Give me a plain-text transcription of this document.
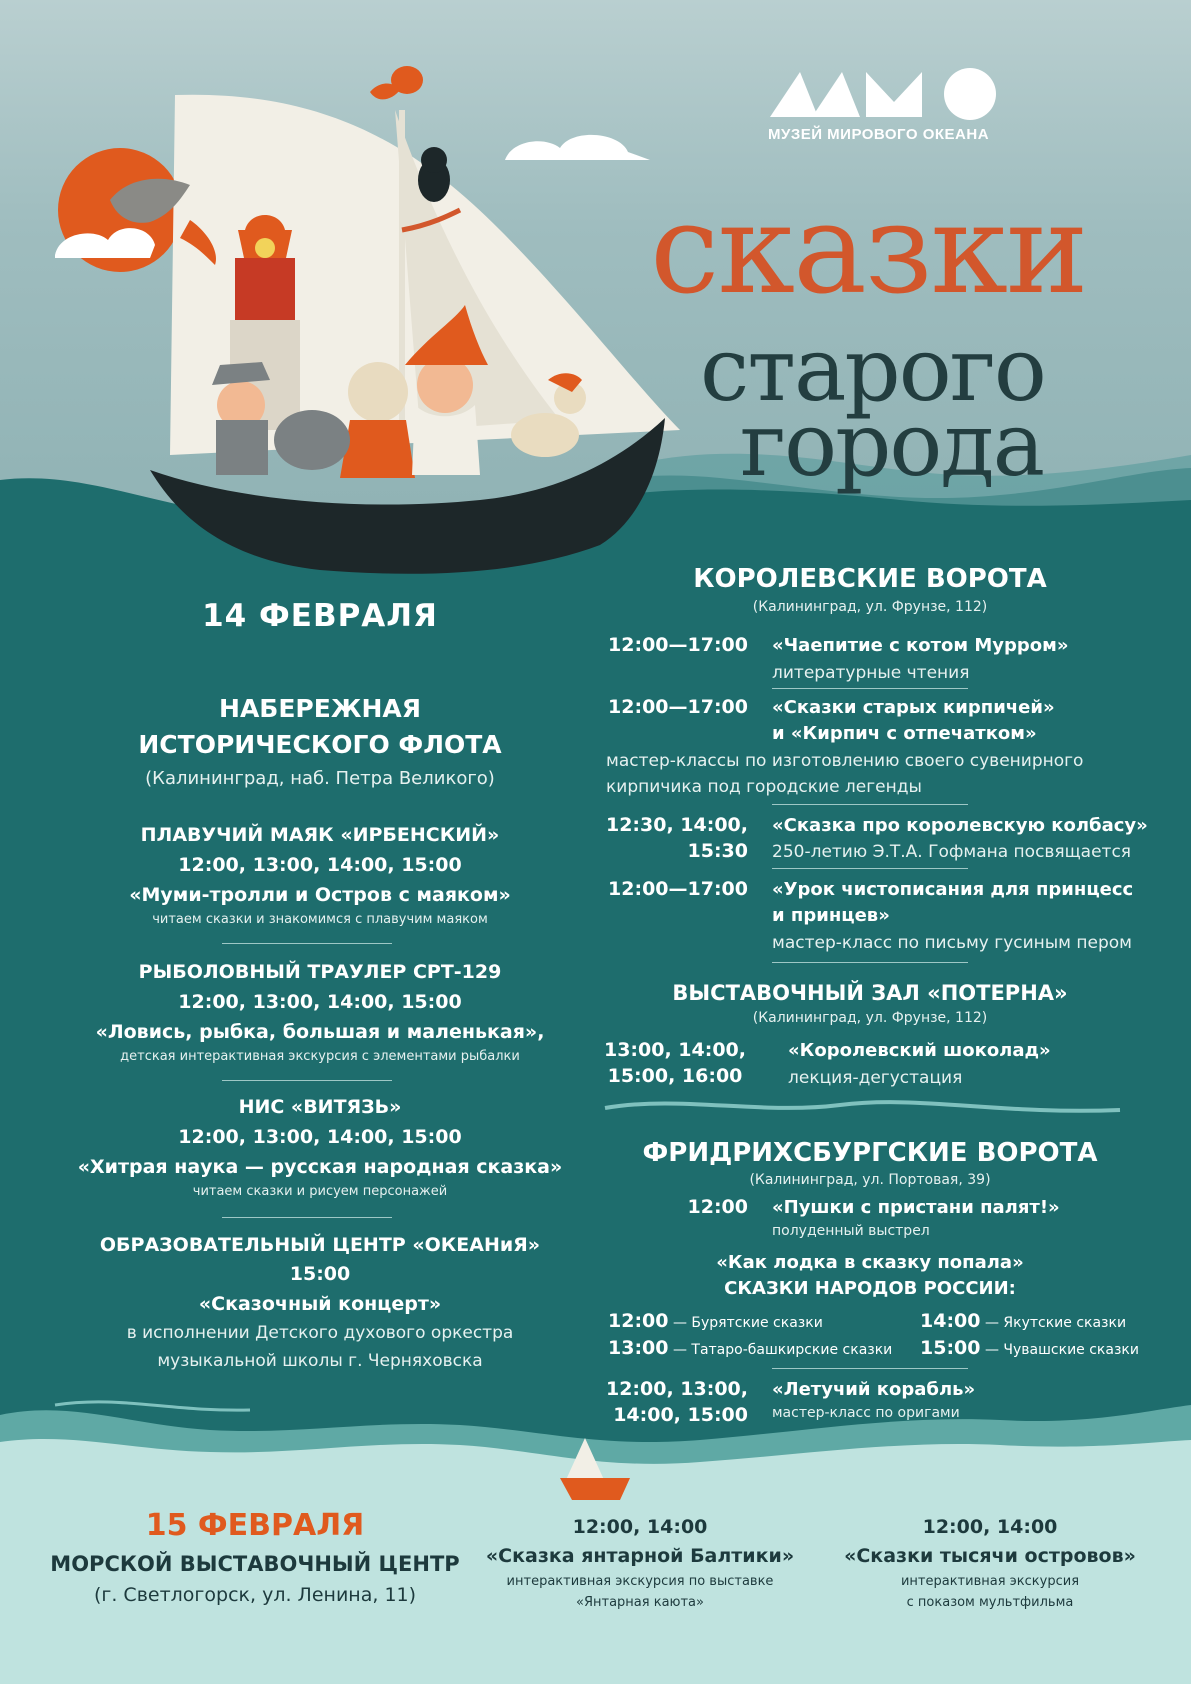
МУЗЕЙ МИРОВОГО ОКЕАНА
сказки
старого
города
14 ФЕВРАЛЯ
НАБЕРЕЖНАЯ
ИСТОРИЧЕСКОГО ФЛОТА
(Калининград, наб. Петра Великого)
ПЛАВУЧИЙ МАЯК «ИРБЕНСКИЙ»
12:00, 13:00, 14:00, 15:00
«Муми-тролли и Остров с маяком»
читаем сказки и знакомимся с плавучим маяком
РЫБОЛОВНЫЙ ТРАУЛЕР СРТ-129
12:00, 13:00, 14:00, 15:00
«Ловись, рыбка, большая и маленькая»,
детская интерактивная экскурсия с элементами рыбалки
НИС «ВИТЯЗЬ»
12:00, 13:00, 14:00, 15:00
«Хитрая наука — русская народная сказка»
читаем сказки и рисуем персонажей
ОБРАЗОВАТЕЛЬНЫЙ ЦЕНТР «ОКЕАНиЯ»
15:00
«Сказочный концерт»
в исполнении Детского духового оркестра
музыкальной школы г. Черняховска
КОРОЛЕВСКИЕ ВОРОТА
(Калининград, ул. Фрунзе, 112)
12:00—17:00 «Чаепитие с котом Мурром»
литературные чтения
12:00—17:00 «Сказки старых кирпичей»
и «Кирпич с отпечатком»
мастер-классы по изготовлению своего сувенирного
кирпичика под городские легенды
12:30, 14:00,
15:30
«Сказка про королевскую колбасу»
250-летию Э.Т.А. Гофмана посвящается
12:00—17:00 «Урок чистописания для принцесс
и принцев»
мастер-класс по письму гусиным пером
ВЫСТАВОЧНЫЙ ЗАЛ «ПОТЕРНА»
(Калининград, ул. Фрунзе, 112)
13:00, 14:00,
15:00, 16:00
«Королевский шоколад»
лекция-дегустация
ФРИДРИХСБУРГСКИЕ ВОРОТА
(Калининград, ул. Портовая, 39)
12:00 «Пушки с пристани палят!»
полуденный выстрел
«Как лодка в сказку попала»
СКАЗКИ НАРОДОВ РОССИИ:
12:00 — Бурятские сказки
13:00 — Татаро-башкирские сказки
14:00 — Якутские сказки
15:00 — Чувашские сказки
12:00, 13:00,
14:00, 15:00
«Летучий корабль»
мастер-класс по оригами
15 ФЕВРАЛЯ
МОРСКОЙ ВЫСТАВОЧНЫЙ ЦЕНТР
(г. Светлогорск, ул. Ленина, 11)
12:00, 14:00
«Сказка янтарной Балтики»
интерактивная экскурсия по выставке
«Янтарная каюта»
12:00, 14:00
«Сказки тысячи островов»
интерактивная экскурсия
с показом мультфильма
